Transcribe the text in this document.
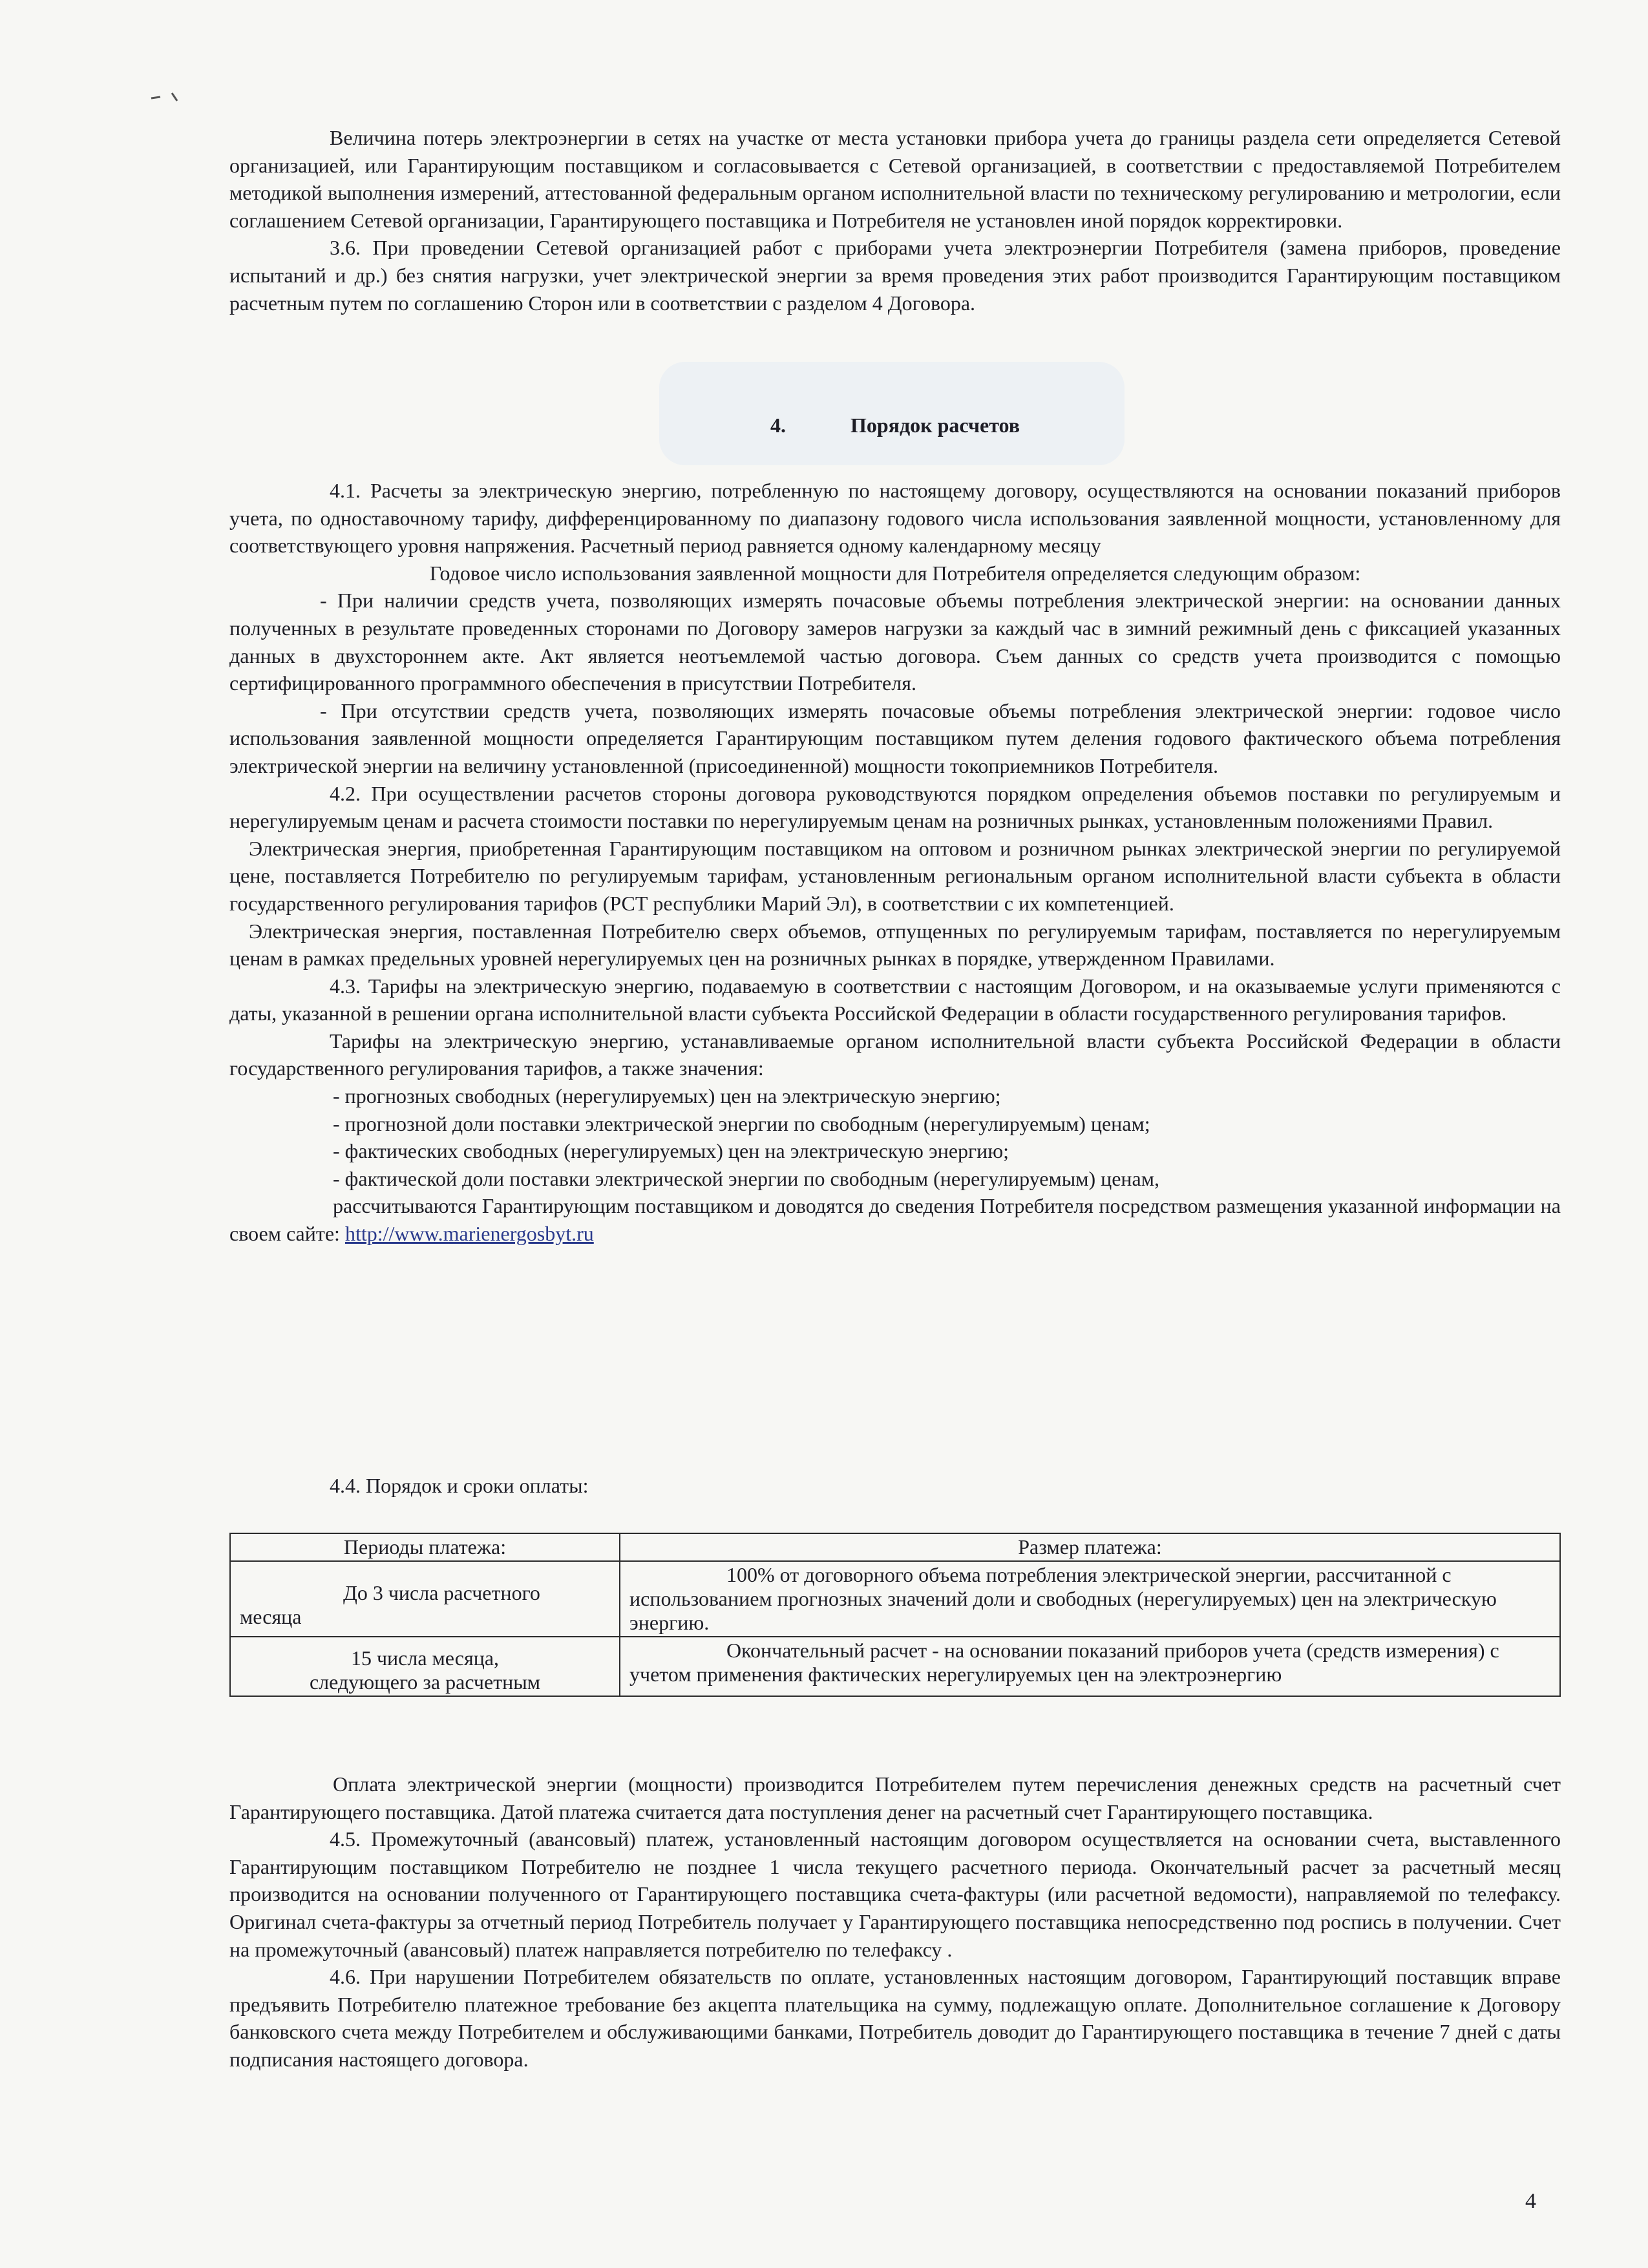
Величина потерь электроэнергии в сетях на участке от места установки прибора учета до границы раздела сети определяется Сетевой организацией, или Гарантирующим поставщиком и согласовывается с Сетевой организацией, в соответствии с предоставляемой Потребителем методикой выполнения измерений, аттестованной федеральным органом исполнительной власти по техническому регулированию и метрологии, если соглашением Сетевой организации, Гарантирующего поставщика и Потребителя не установлен иной порядок корректировки.

3.6. При проведении Сетевой организацией работ с приборами учета электроэнергии Потребителя (замена приборов, проведение испытаний и др.) без снятия нагрузки, учет электрической энергии за время проведения этих работ производится Гарантирующим поставщиком расчетным путем по соглашению Сторон или в соответствии с разделом 4 Договора.

4.	Порядок расчетов

4.1. Расчеты за электрическую энергию, потребленную по настоящему договору, осуществляются на основании показаний приборов учета, по одноставочному тарифу, дифференцированному по диапазону годового числа использования заявленной мощности, установленному для соответствующего уровня напряжения. Расчетный период равняется одному календарному месяцу

Годовое число использования заявленной мощности для Потребителя определяется следующим образом:

- При наличии средств учета, позволяющих измерять почасовые объемы потребления электрической энергии: на основании данных полученных в результате проведенных сторонами по Договору замеров нагрузки за каждый час в зимний режимный день с фиксацией указанных данных в двухстороннем акте. Акт является неотъемлемой частью договора. Съем данных со средств учета производится с помощью сертифицированного программного обеспечения в присутствии Потребителя.

- При отсутствии средств учета, позволяющих измерять почасовые объемы потребления электрической энергии: годовое число использования заявленной мощности определяется Гарантирующим поставщиком путем деления годового фактического объема потребления электрической энергии на величину установленной (присоединенной) мощности токоприемников Потребителя.

4.2. При осуществлении расчетов стороны договора руководствуются порядком определения объемов поставки по регулируемым и нерегулируемым ценам и расчета стоимости поставки по нерегулируемым ценам на розничных рынках, установленным положениями Правил.

Электрическая энергия, приобретенная Гарантирующим поставщиком на оптовом и розничном рынках электрической энергии по регулируемой цене, поставляется Потребителю по регулируемым тарифам, установленным региональным органом исполнительной власти субъекта в области государственного регулирования тарифов (РСТ республики Марий Эл), в соответствии с их компетенцией.

Электрическая энергия, поставленная Потребителю сверх объемов, отпущенных по регулируемым тарифам, поставляется по нерегулируемым ценам в рамках предельных уровней нерегулируемых цен на розничных рынках в порядке, утвержденном Правилами.

4.3. Тарифы на электрическую энергию, подаваемую в соответствии с настоящим Договором, и на оказываемые услуги применяются с даты, указанной в решении органа исполнительной власти субъекта Российской Федерации в области государственного регулирования тарифов.

Тарифы на электрическую энергию, устанавливаемые органом исполнительной власти субъекта Российской Федерации в области государственного регулирования тарифов, а также значения:

- прогнозных свободных (нерегулируемых) цен на электрическую энергию;

- прогнозной доли поставки электрической энергии по свободным (нерегулируемым) ценам;

- фактических свободных (нерегулируемых) цен на электрическую энергию;

- фактической доли поставки электрической энергии по свободным (нерегулируемым) ценам,

рассчитываются Гарантирующим поставщиком и доводятся до сведения Потребителя посредством размещения указанной информации на своем сайте: http://www.marienergosbyt.ru

4.4. Порядок и сроки оплаты:

Периоды платежа:	Размер платежа:

До 3 числа расчетного
месяца	100% от договорного объема потребления электрической энергии, рассчитанной с использованием прогнозных значений доли и свободных (нерегулируемых) цен на электрическую энергию.

15 числа месяца,
следующего за расчетным	Окончательный расчет - на основании показаний приборов учета (средств измерения) с учетом применения фактических нерегулируемых цен на электроэнергию

Оплата электрической энергии (мощности) производится Потребителем путем перечисления денежных средств на расчетный счет Гарантирующего поставщика. Датой платежа считается дата поступления денег на расчетный счет Гарантирующего поставщика.

4.5. Промежуточный (авансовый) платеж, установленный настоящим договором осуществляется на основании счета, выставленного Гарантирующим поставщиком Потребителю не позднее 1 числа текущего расчетного периода. Окончательный расчет за расчетный месяц производится на основании полученного от Гарантирующего поставщика счета-фактуры (или расчетной ведомости), направляемой по телефаксу. Оригинал счета-фактуры за отчетный период Потребитель получает у Гарантирующего поставщика непосредственно под роспись в получении. Счет на промежуточный (авансовый) платеж направляется потребителю по телефаксу .

4.6. При нарушении Потребителем обязательств по оплате, установленных настоящим договором, Гарантирующий поставщик вправе предъявить Потребителю платежное требование без акцепта плательщика на сумму, подлежащую оплате. Дополнительное соглашение к Договору банковского счета между Потребителем и обслуживающими банками, Потребитель доводит до Гарантирующего поставщика в течение 7 дней с даты подписания настоящего договора.

4
